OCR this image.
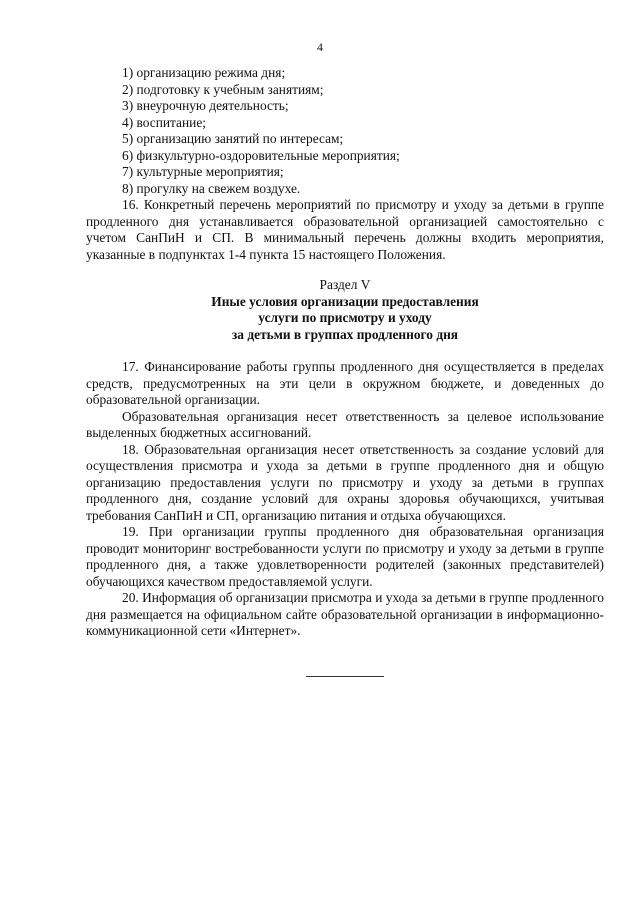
4
1) организацию режима дня;
2) подготовку к учебным занятиям;
3) внеурочную деятельность;
4) воспитание;
5) организацию занятий по интересам;
6) физкультурно-оздоровительные мероприятия;
7) культурные мероприятия;
8) прогулку на свежем воздухе.

16. Конкретный перечень мероприятий по присмотру и уходу за детьми в группе продленного дня устанавливается образовательной организацией самостоятельно с учетом СанПиН и СП. В минимальный перечень должны входить мероприятия, указанные в подпунктах 1-4 пункта 15 настоящего Положения.

Раздел V
Иные условия организации предоставления
услуги по присмотру и уходу
за детьми в группах продленного дня

17. Финансирование работы группы продленного дня осуществляется в пределах средств, предусмотренных на эти цели в окружном бюджете, и доведенных до образовательной организации.

Образовательная организация несет ответственность за целевое использование выделенных бюджетных ассигнований.

18. Образовательная организация несет ответственность за создание условий для осуществления присмотра и ухода за детьми в группе продленного дня и общую организацию предоставления услуги по присмотру и уходу за детьми в группах продленного дня, создание условий для охраны здоровья обучающихся, учитывая требования СанПиН и СП, организацию питания и отдыха обучающихся.

19. При организации группы продленного дня образовательная организация проводит мониторинг востребованности услуги по присмотру и уходу за детьми в группе продленного дня, а также удовлетворенности родителей (законных представителей) обучающихся качеством предоставляемой услуги.

20. Информация об организации присмотра и ухода за детьми в группе продленного дня размещается на официальном сайте образовательной организации в информационно-коммуникационной сети «Интернет».
